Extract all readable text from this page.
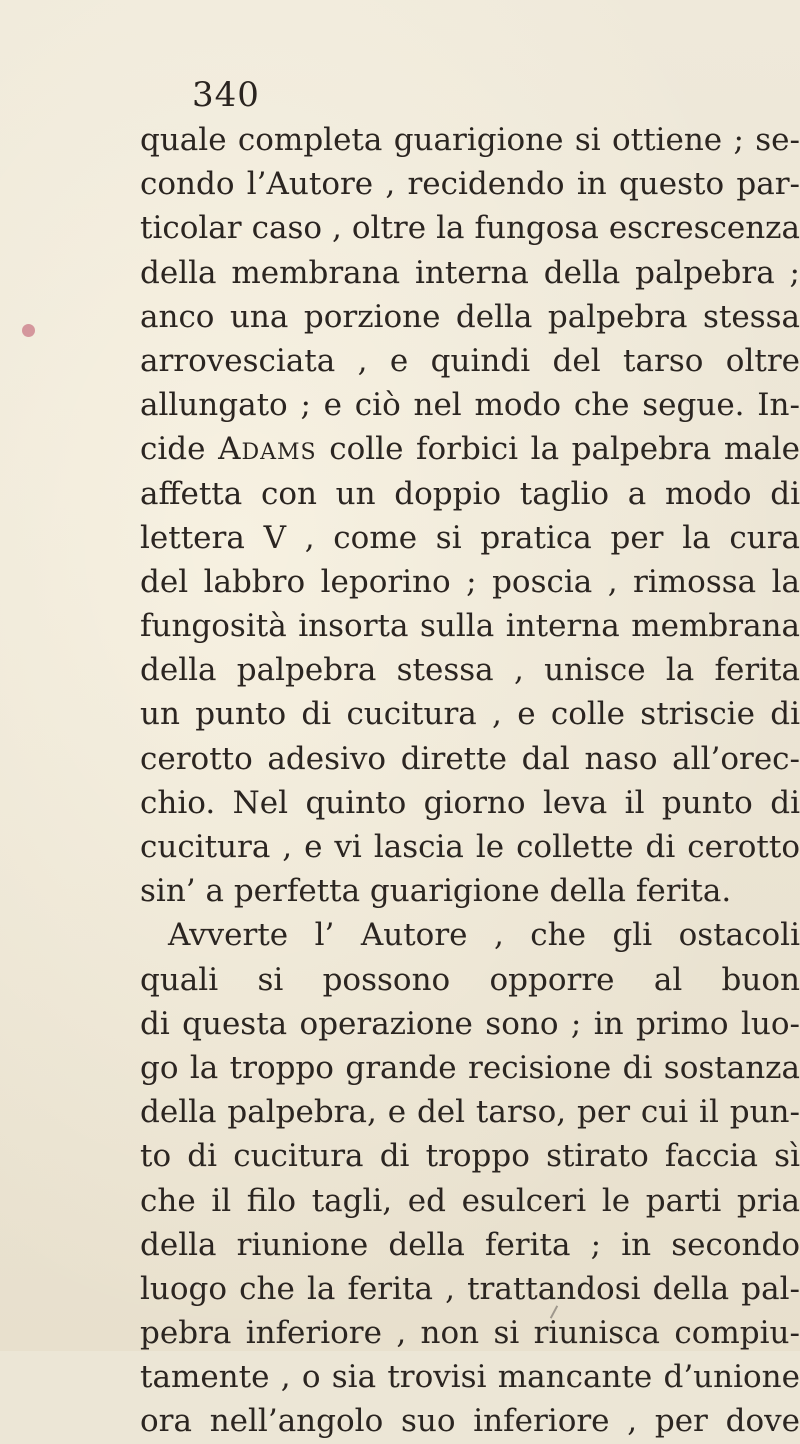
340
quale completa guarigione si ottiene ; se-
condo l’Autore , recidendo in questo par-
ticolar caso , oltre la fungosa escrescenza
della membrana interna della palpebra ;
anco una porzione della palpebra stessa
arrovesciata , e quindi del tarso oltre
allungato ; e ciò nel modo che segue. In-
cide Adams colle forbici la palpebra male
affetta con un doppio taglio a modo di
lettera V , come si pratica per la cura
del labbro leporino ; poscia , rimossa la
fungosità insorta sulla interna membrana
della palpebra stessa , unisce la ferita
un punto di cucitura , e colle striscie di
cerotto adesivo dirette dal naso all’orec-
chio. Nel quinto giorno leva il punto di
cucitura , e vi lascia le collette di cerotto
sin’ a perfetta guarigione della ferita.
Avverte l’ Autore , che gli ostacoli
quali si possono opporre al buon
di questa operazione sono ; in primo luo-
go la troppo grande recisione di sostanza
della palpebra, e del tarso, per cui il pun-
to di cucitura di troppo stirato faccia sì
che il filo tagli, ed esulceri le parti pria
della riunione della ferita ; in secondo
luogo che la ferita , trattandosi della pal-
pebra inferiore , non si riunisca compiu-
tamente , o sia trovisi mancante d’unione
ora nell’angolo suo inferiore , per dove
